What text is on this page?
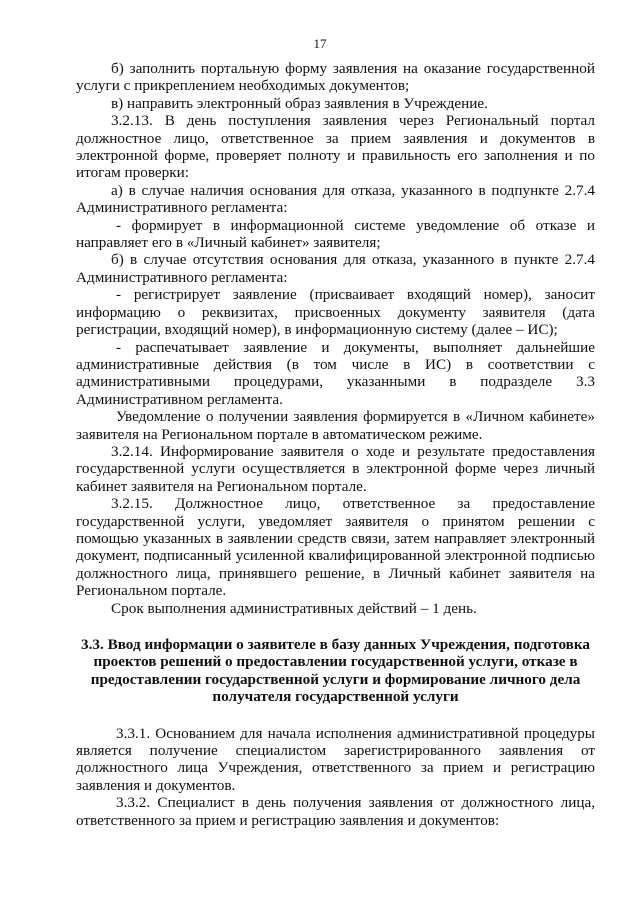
17

б) заполнить портальную форму заявления на оказание государственной услуги с прикреплением необходимых документов;

в) направить электронный образ заявления в Учреждение.

3.2.13. В день поступления заявления через Региональный портал должностное лицо, ответственное за прием заявления и документов в электронной форме, проверяет полноту и правильность его заполнения и по итогам проверки:

а) в случае наличия основания для отказа, указанного в подпункте 2.7.4 Административного регламента:

- формирует в информационной системе уведомление об отказе и направляет его в «Личный кабинет» заявителя;

б) в случае отсутствия основания для отказа, указанного в пункте 2.7.4 Административного регламента:

- регистрирует заявление (присваивает входящий номер), заносит информацию о реквизитах, присвоенных документу заявителя (дата регистрации, входящий номер), в информационную систему (далее – ИС);

- распечатывает заявление и документы, выполняет дальнейшие административные действия (в том числе в ИС) в соответствии с административными процедурами, указанными в подразделе 3.3 Административном регламента.

Уведомление о получении заявления формируется в «Личном кабинете» заявителя на Региональном портале в автоматическом режиме.

3.2.14. Информирование заявителя о ходе и результате предоставления государственной услуги осуществляется в электронной форме через личный кабинет заявителя на Региональном портале.

3.2.15. Должностное лицо, ответственное за предоставление государственной услуги, уведомляет заявителя о принятом решении с помощью указанных в заявлении средств связи, затем направляет электронный документ, подписанный усиленной квалифицированной электронной подписью должностного лица, принявшего решение, в Личный кабинет заявителя на Региональном портале.

Срок выполнения административных действий – 1 день.

3.3. Ввод информации о заявителе в базу данных Учреждения, подготовка проектов решений о предоставлении государственной услуги, отказе в предоставлении государственной услуги и формирование личного дела получателя государственной услуги

3.3.1. Основанием для начала исполнения административной процедуры является получение специалистом зарегистрированного заявления от должностного лица Учреждения, ответственного за прием и регистрацию заявления и документов.

3.3.2. Специалист в день получения заявления от должностного лица, ответственного за прием и регистрацию заявления и документов:
